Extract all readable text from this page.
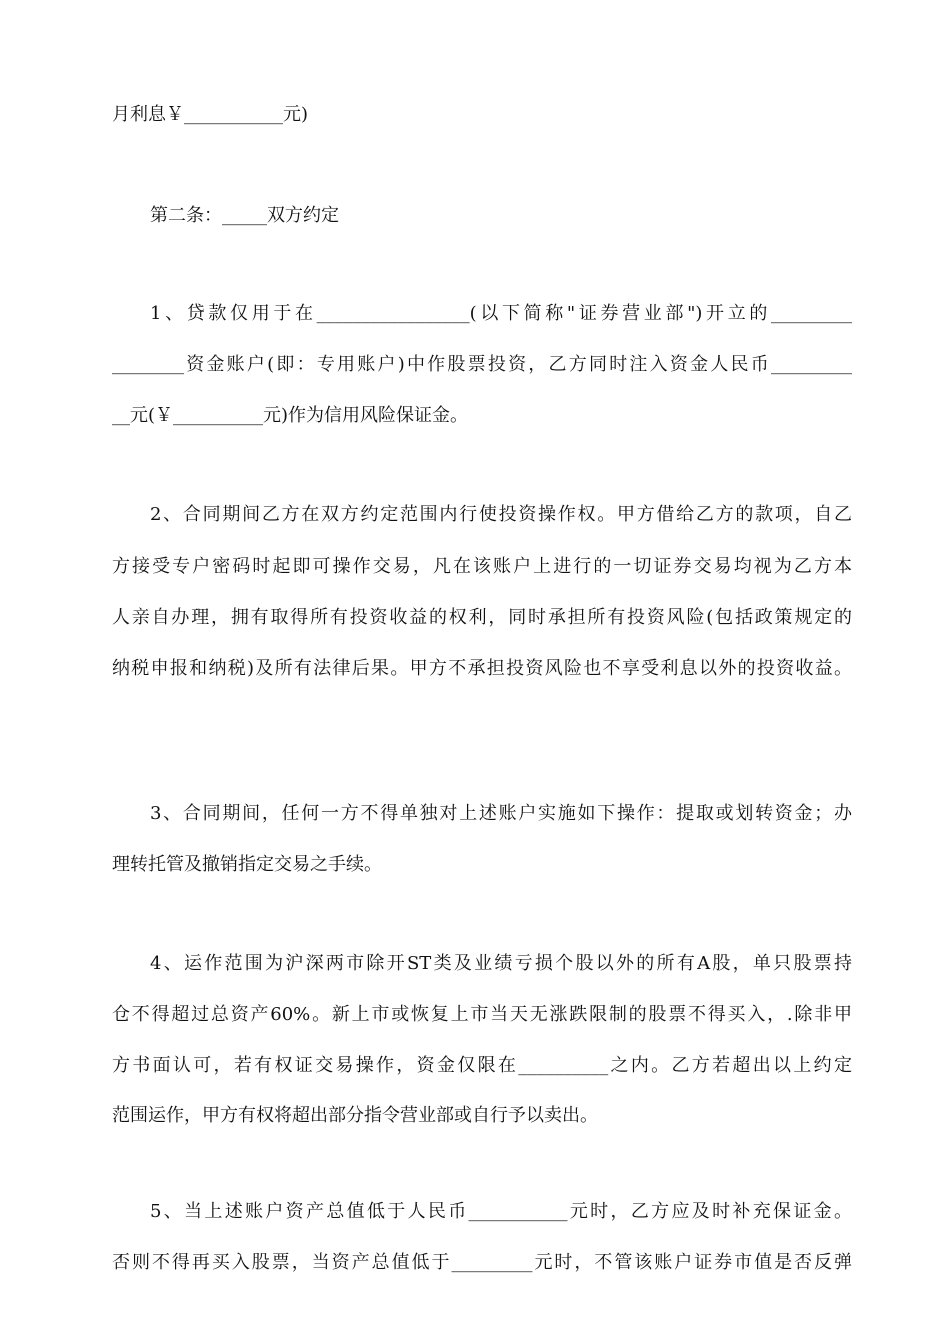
月利息￥___________元)
第二条：_____双方约定
1、贷款仅用于在_________________(以下简称"证券营业部")开立的_________
________资金账户(即：专用账户)中作股票投资，乙方同时注入资金人民币_________
__元(￥__________元)作为信用风险保证金。
2、合同期间乙方在双方约定范围内行使投资操作权。甲方借给乙方的款项，自乙
方接受专户密码时起即可操作交易，凡在该账户上进行的一切证券交易均视为乙方本
人亲自办理，拥有取得所有投资收益的权利，同时承担所有投资风险(包括政策规定的
纳税申报和纳税)及所有法律后果。甲方不承担投资风险也不享受利息以外的投资收益。
3、合同期间，任何一方不得单独对上述账户实施如下操作：提取或划转资金；办
理转托管及撤销指定交易之手续。
4、运作范围为沪深两市除开ST类及业绩亏损个股以外的所有A股，单只股票持
仓不得超过总资产60%。新上市或恢复上市当天无涨跌限制的股票不得买入，.除非甲
方书面认可，若有权证交易操作，资金仅限在__________之内。乙方若超出以上约定
范围运作，甲方有权将超出部分指令营业部或自行予以卖出。
5、当上述账户资产总值低于人民币___________元时，乙方应及时补充保证金。
否则不得再买入股票，当资产总值低于_________元时，不管该账户证券市值是否反弹
